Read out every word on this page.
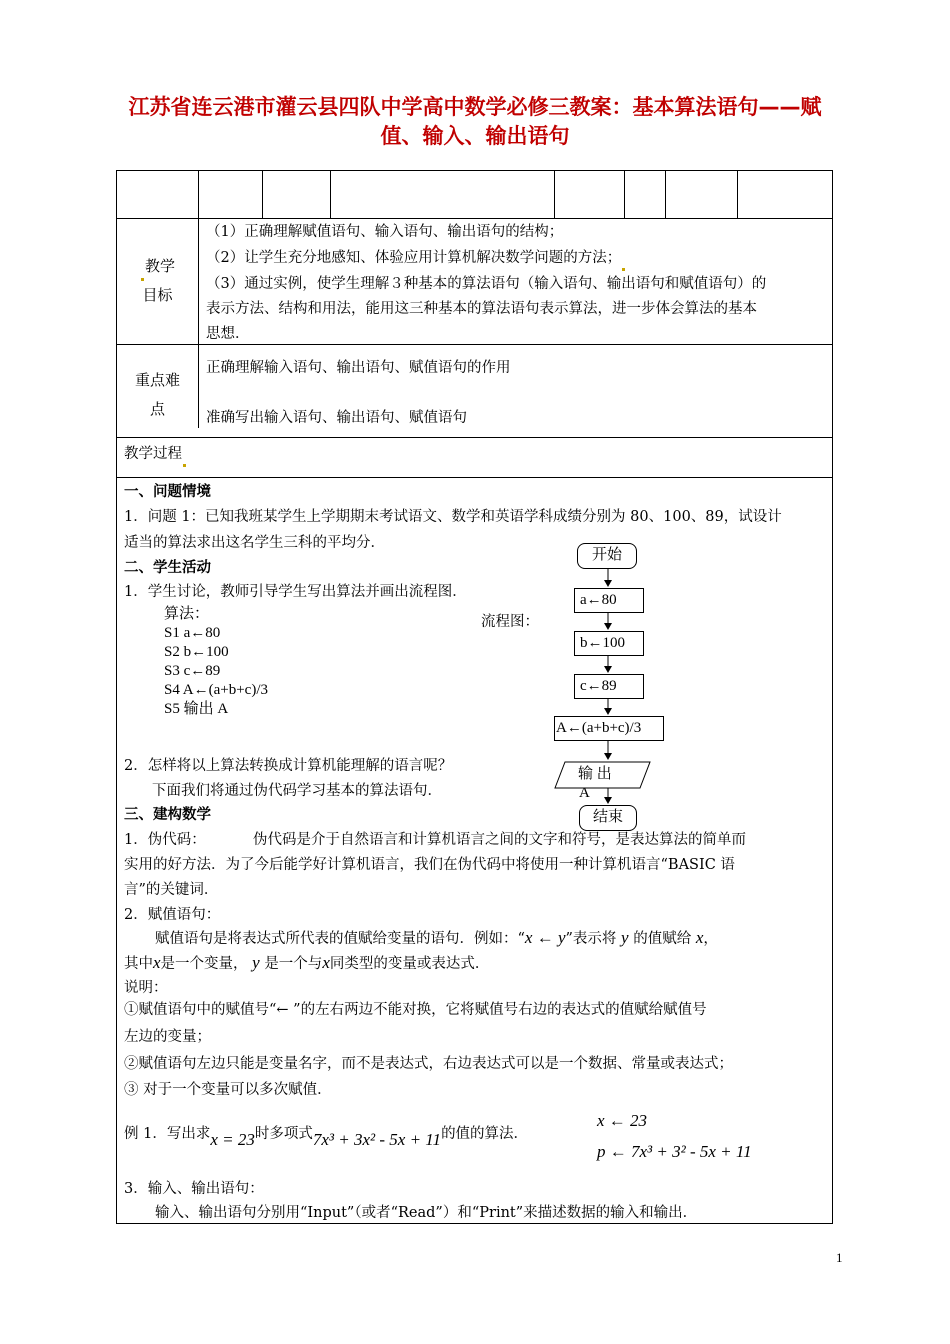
江苏省连云港市灌云县四队中学高中数学必修三教案：基本算法语句——赋
值、输入、输出语句
教学
目标
（1）正确理解赋值语句、输入语句、输出语句的结构；
（2）让学生充分地感知、体验应用计算机解决数学问题的方法；
（3）通过实例，使学生理解３种基本的算法语句（输入语句、输出语句和赋值语句）的
表示方法、结构和用法，能用这三种基本的算法语句表示算法，进一步体会算法的基本
思想．
重点难
点
正确理解输入语句、输出语句、赋值语句的作用
准确写出输入语句、输出语句、赋值语句
教学过程
一、问题情境
1．问题 1：已知我班某学生上学期期末考试语文、数学和英语学科成绩分别为 80、100、89，试设计
适当的算法求出这名学生三科的平均分．
二、学生活动
1．学生讨论，教师引导学生写出算法并画出流程图．
算法：
S1 a←80
S2 b←100
S3 c←89
S4 A←(a+b+c)/3
S5 输出 A
2．怎样将以上算法转换成计算机能理解的语言呢？
下面我们将通过伪代码学习基本的算法语句．
流程图：
开始
a←80
b←100
c←89
A←(a+b+c)/3
输 出
A
结束
三、建构数学
1．伪代码：	伪代码是介于自然语言和计算机语言之间的文字和符号，是表达算法的简单而
实用的好方法．为了今后能学好计算机语言，我们在伪代码中将使用一种计算机语言“BASIC 语
言”的关键词．
2．赋值语句：
赋值语句是将表达式所代表的值赋给变量的语句．例如：“x ← y”表示将 y 的值赋给 x，
其中x是一个变量， y 是一个与x同类型的变量或表达式．
说明：
①赋值语句中的赋值号“← ”的左右两边不能对换，它将赋值号右边的表达式的值赋给赋值号
左边的变量；
②赋值语句左边只能是变量名字，而不是表达式，右边表达式可以是一个数据、常量或表达式；
③ 对于一个变量可以多次赋值．
例 1．写出求x = 23时多项式7x³ + 3x² - 5x + 11的值的算法．
x ← 23
p ← 7x³ + 3² - 5x + 11
3．输入、输出语句：
输入、输出语句分别用“Input”（或者“Read”）和“Print”来描述数据的输入和输出．
1
